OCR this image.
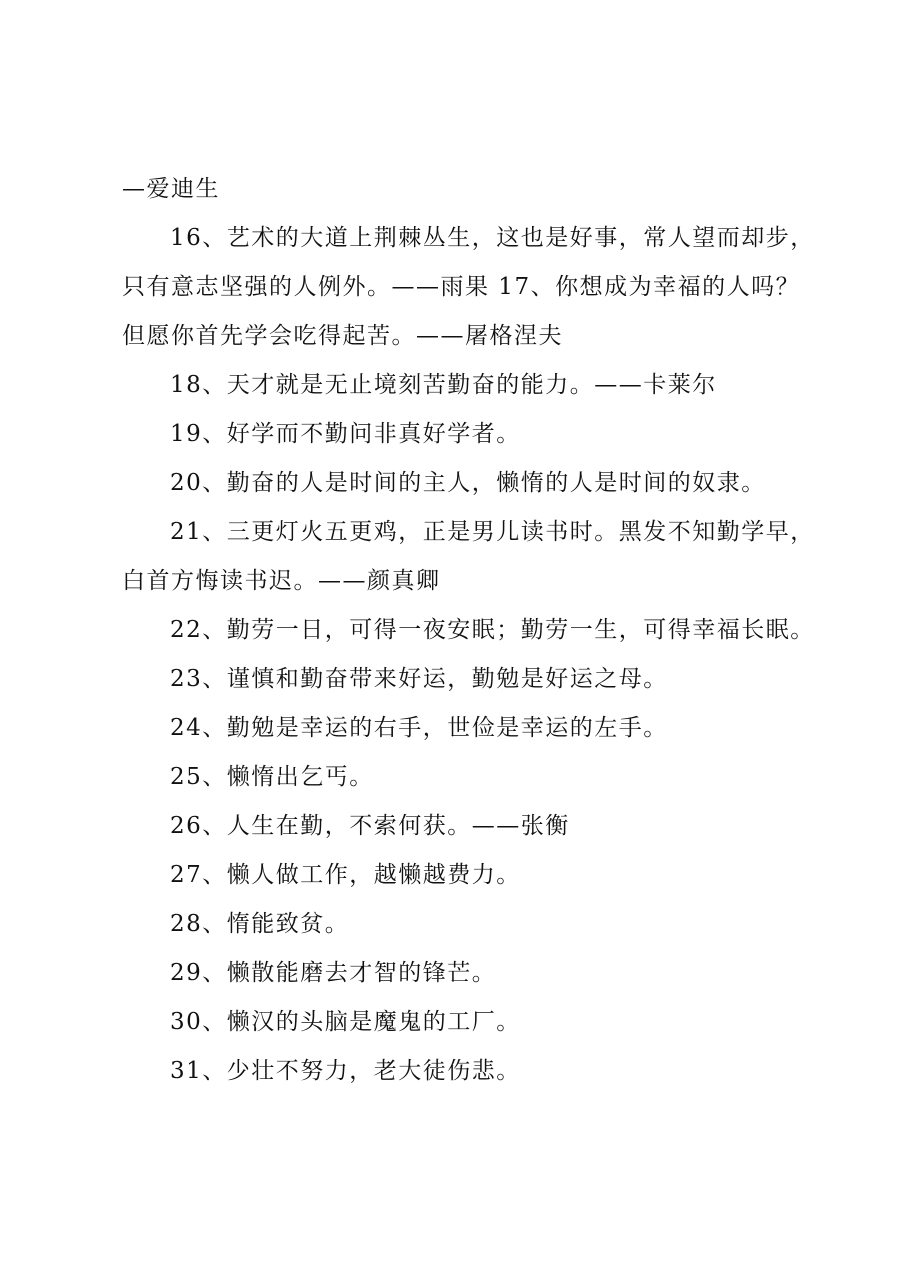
—爱迪生
16、艺术的大道上荆棘丛生，这也是好事，常人望而却步，
只有意志坚强的人例外。——雨果 17、你想成为幸福的人吗？
但愿你首先学会吃得起苦。——屠格涅夫
18、天才就是无止境刻苦勤奋的能力。——卡莱尔
19、好学而不勤问非真好学者。
20、勤奋的人是时间的主人，懒惰的人是时间的奴隶。
21、三更灯火五更鸡，正是男儿读书时。黑发不知勤学早，
白首方悔读书迟。——颜真卿
22、勤劳一日，可得一夜安眠；勤劳一生，可得幸福长眠。
23、谨慎和勤奋带来好运，勤勉是好运之母。
24、勤勉是幸运的右手，世俭是幸运的左手。
25、懒惰出乞丐。
26、人生在勤，不索何获。——张衡
27、懒人做工作，越懒越费力。
28、惰能致贫。
29、懒散能磨去才智的锋芒。
30、懒汉的头脑是魔鬼的工厂。
31、少壮不努力，老大徒伤悲。
